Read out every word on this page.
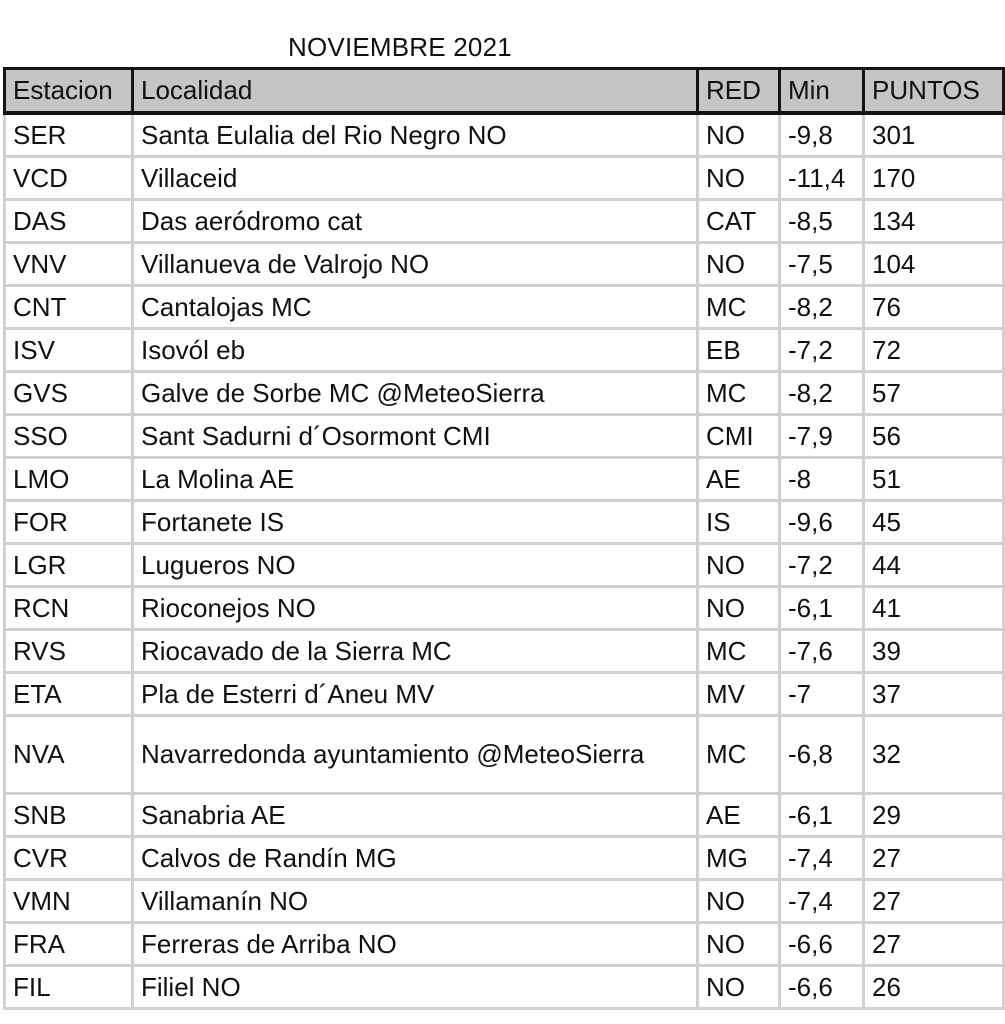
NOVIEMBRE 2021
Estacion	Localidad	RED	Min	PUNTOS
SER	Santa Eulalia del Rio Negro NO	NO	-9,8	301
VCD	Villaceid	NO	-11,4	170
DAS	Das aeródromo cat	CAT	-8,5	134
VNV	Villanueva de Valrojo NO	NO	-7,5	104
CNT	Cantalojas MC	MC	-8,2	76
ISV	Isovól eb	EB	-7,2	72
GVS	Galve de Sorbe MC @MeteoSierra	MC	-8,2	57
SSO	Sant Sadurni d´Osormont CMI	CMI	-7,9	56
LMO	La Molina AE	AE	-8	51
FOR	Fortanete IS	IS	-9,6	45
LGR	Lugueros NO	NO	-7,2	44
RCN	Rioconejos NO	NO	-6,1	41
RVS	Riocavado de la Sierra MC	MC	-7,6	39
ETA	Pla de Esterri d´Aneu MV	MV	-7	37
NVA	Navarredonda ayuntamiento @MeteoSierra	MC	-6,8	32
SNB	Sanabria AE	AE	-6,1	29
CVR	Calvos de Randín MG	MG	-7,4	27
VMN	Villamanín NO	NO	-7,4	27
FRA	Ferreras de Arriba NO	NO	-6,6	27
FIL	Filiel NO	NO	-6,6	26
